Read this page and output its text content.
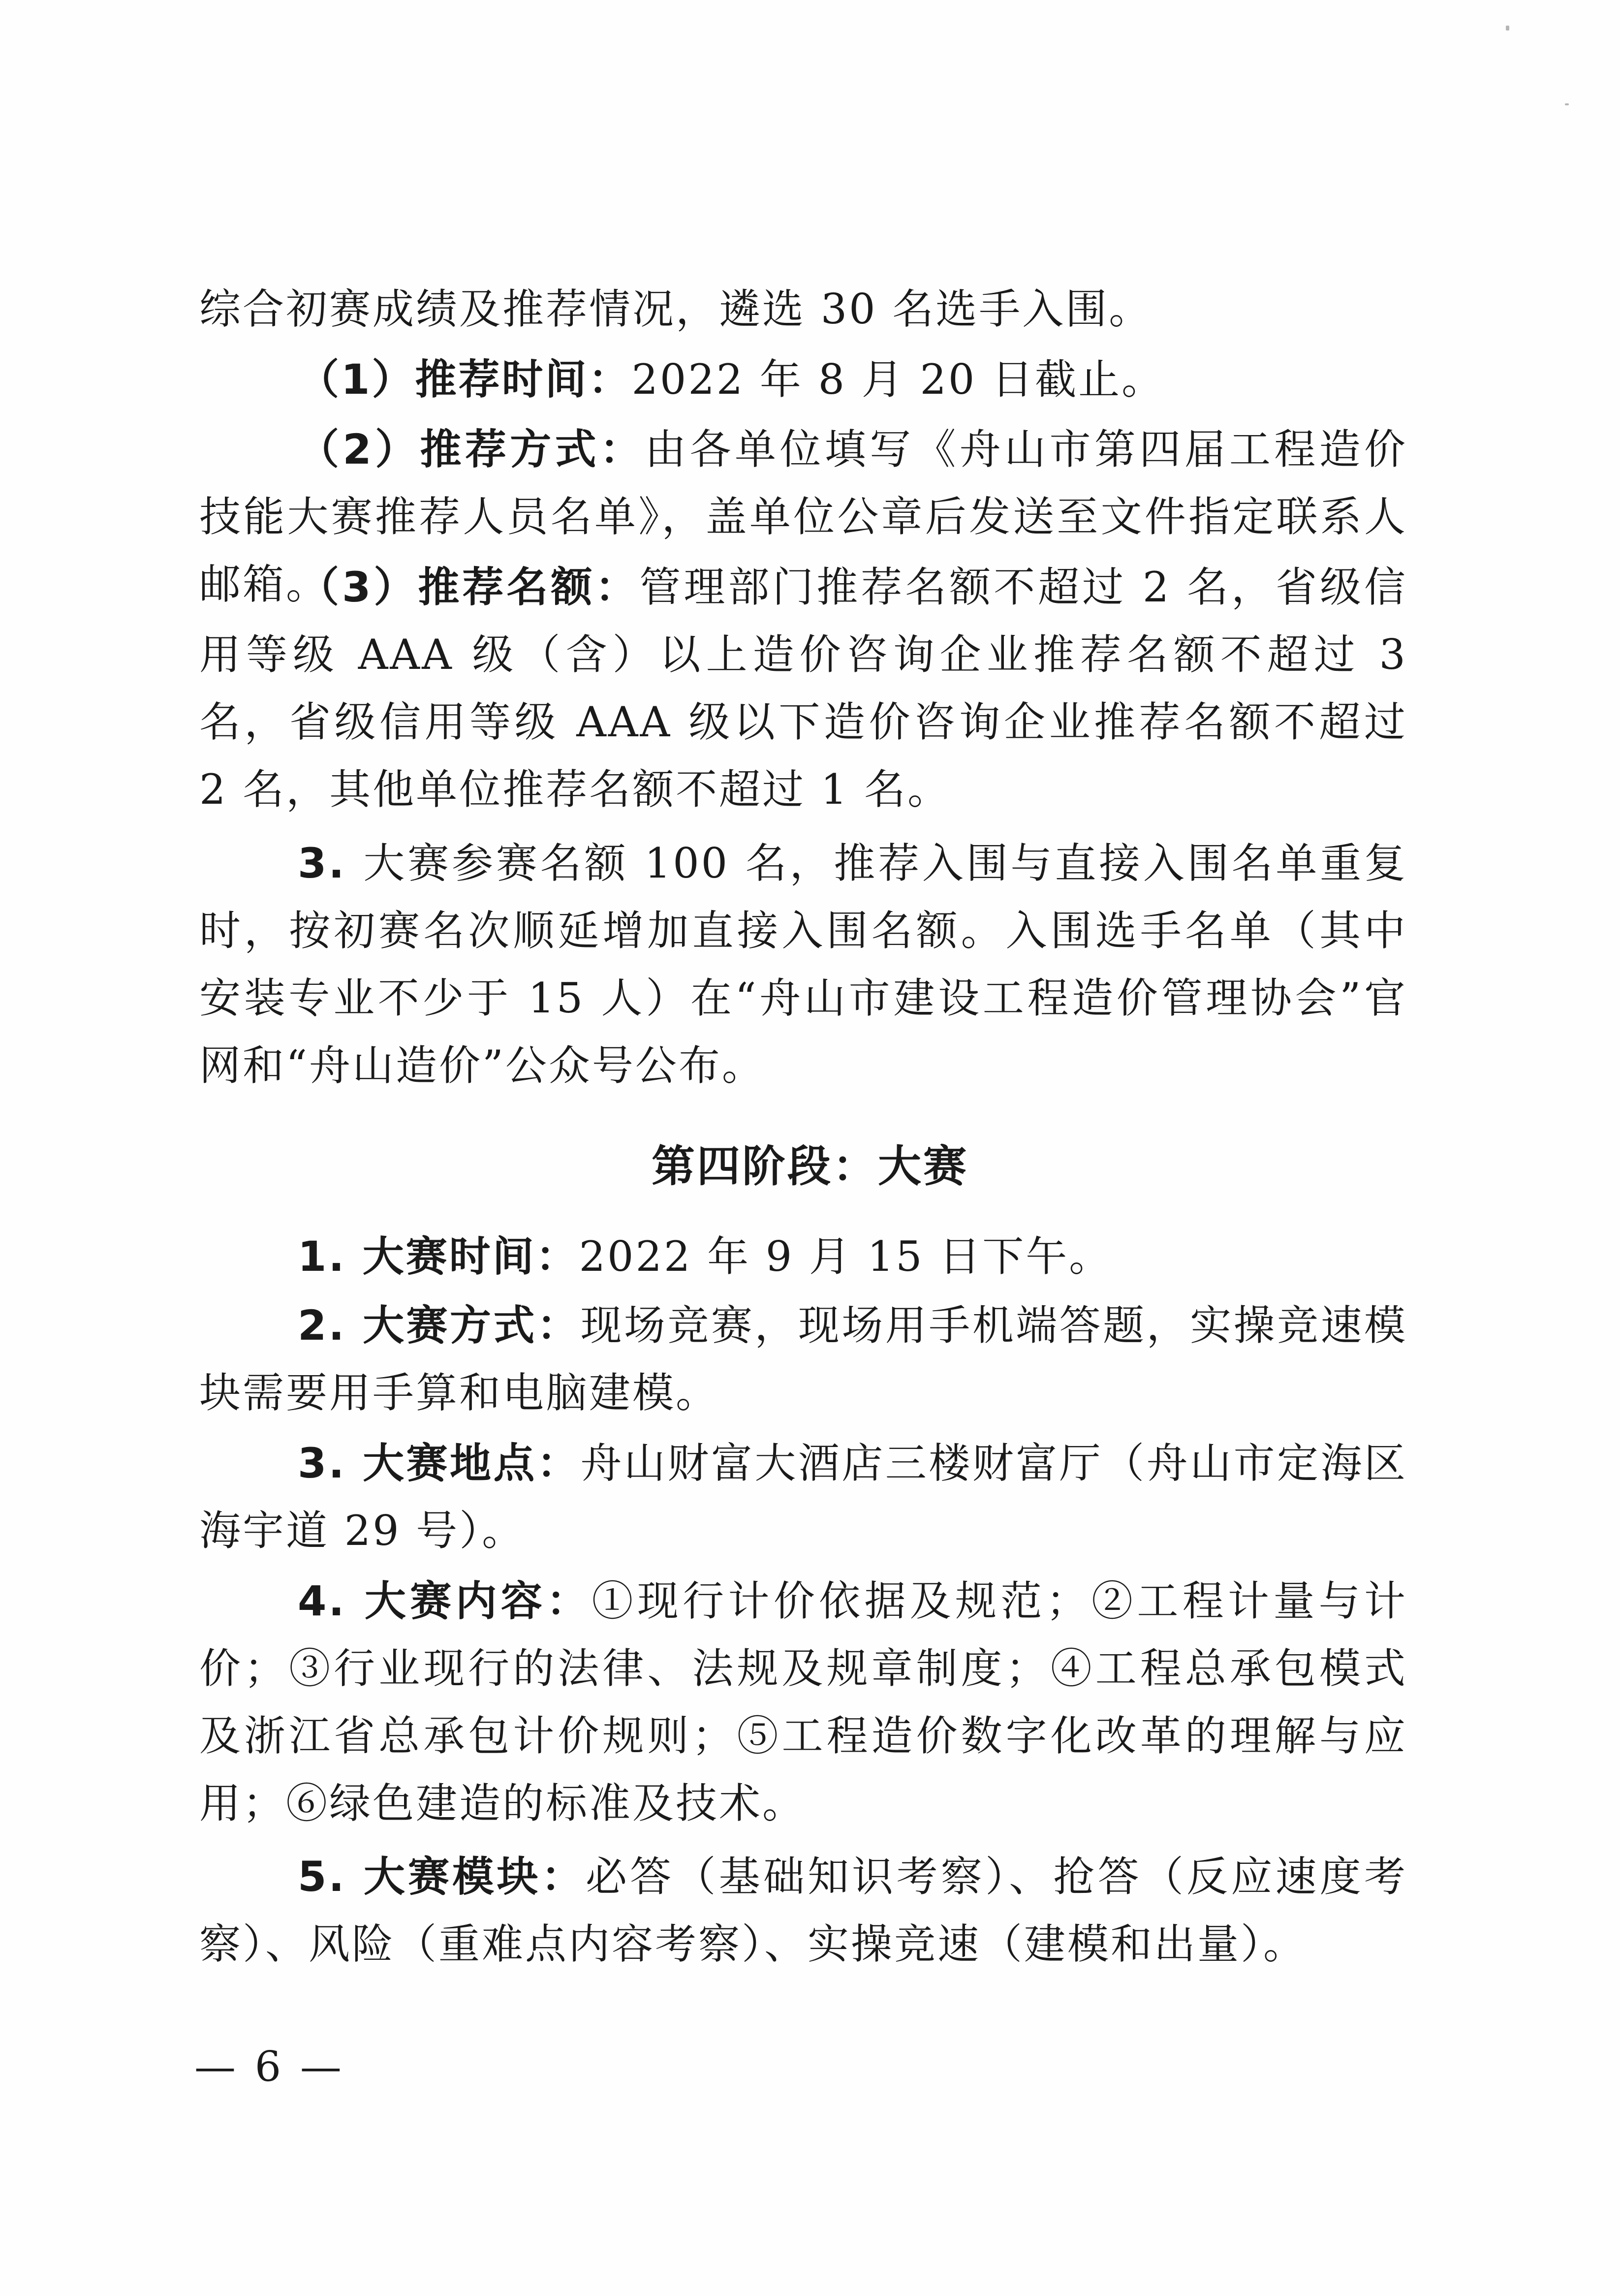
综合初赛成绩及推荐情况，遴选 30 名选手入围。

（1）推荐时间：2022 年 8 月 20 日截止。

（2）推荐方式：由各单位填写《舟山市第四届工程造价技能大赛推荐人员名单》，盖单位公章后发送至文件指定联系人邮箱。

（3）推荐名额：管理部门推荐名额不超过 2 名，省级信用等级 AAA 级（含）以上造价咨询企业推荐名额不超过 3 名，省级信用等级 AAA 级以下造价咨询企业推荐名额不超过 2 名，其他单位推荐名额不超过 1 名。

3. 大赛参赛名额 100 名，推荐入围与直接入围名单重复时，按初赛名次顺延增加直接入围名额。入围选手名单（其中安装专业不少于 15 人）在“舟山市建设工程造价管理协会”官网和“舟山造价”公众号公布。

第四阶段：大赛

1. 大赛时间：2022 年 9 月 15 日下午。

2. 大赛方式：现场竞赛，现场用手机端答题，实操竞速模块需要用手算和电脑建模。

3. 大赛地点：舟山财富大酒店三楼财富厅（舟山市定海区海宇道 29 号）。

4. 大赛内容：①现行计价依据及规范；②工程计量与计价；③行业现行的法律、法规及规章制度；④工程总承包模式及浙江省总承包计价规则；⑤工程造价数字化改革的理解与应用；⑥绿色建造的标准及技术。

5. 大赛模块：必答（基础知识考察）、抢答（反应速度考察）、风险（重难点内容考察）、实操竞速（建模和出量）。

— 6 —
